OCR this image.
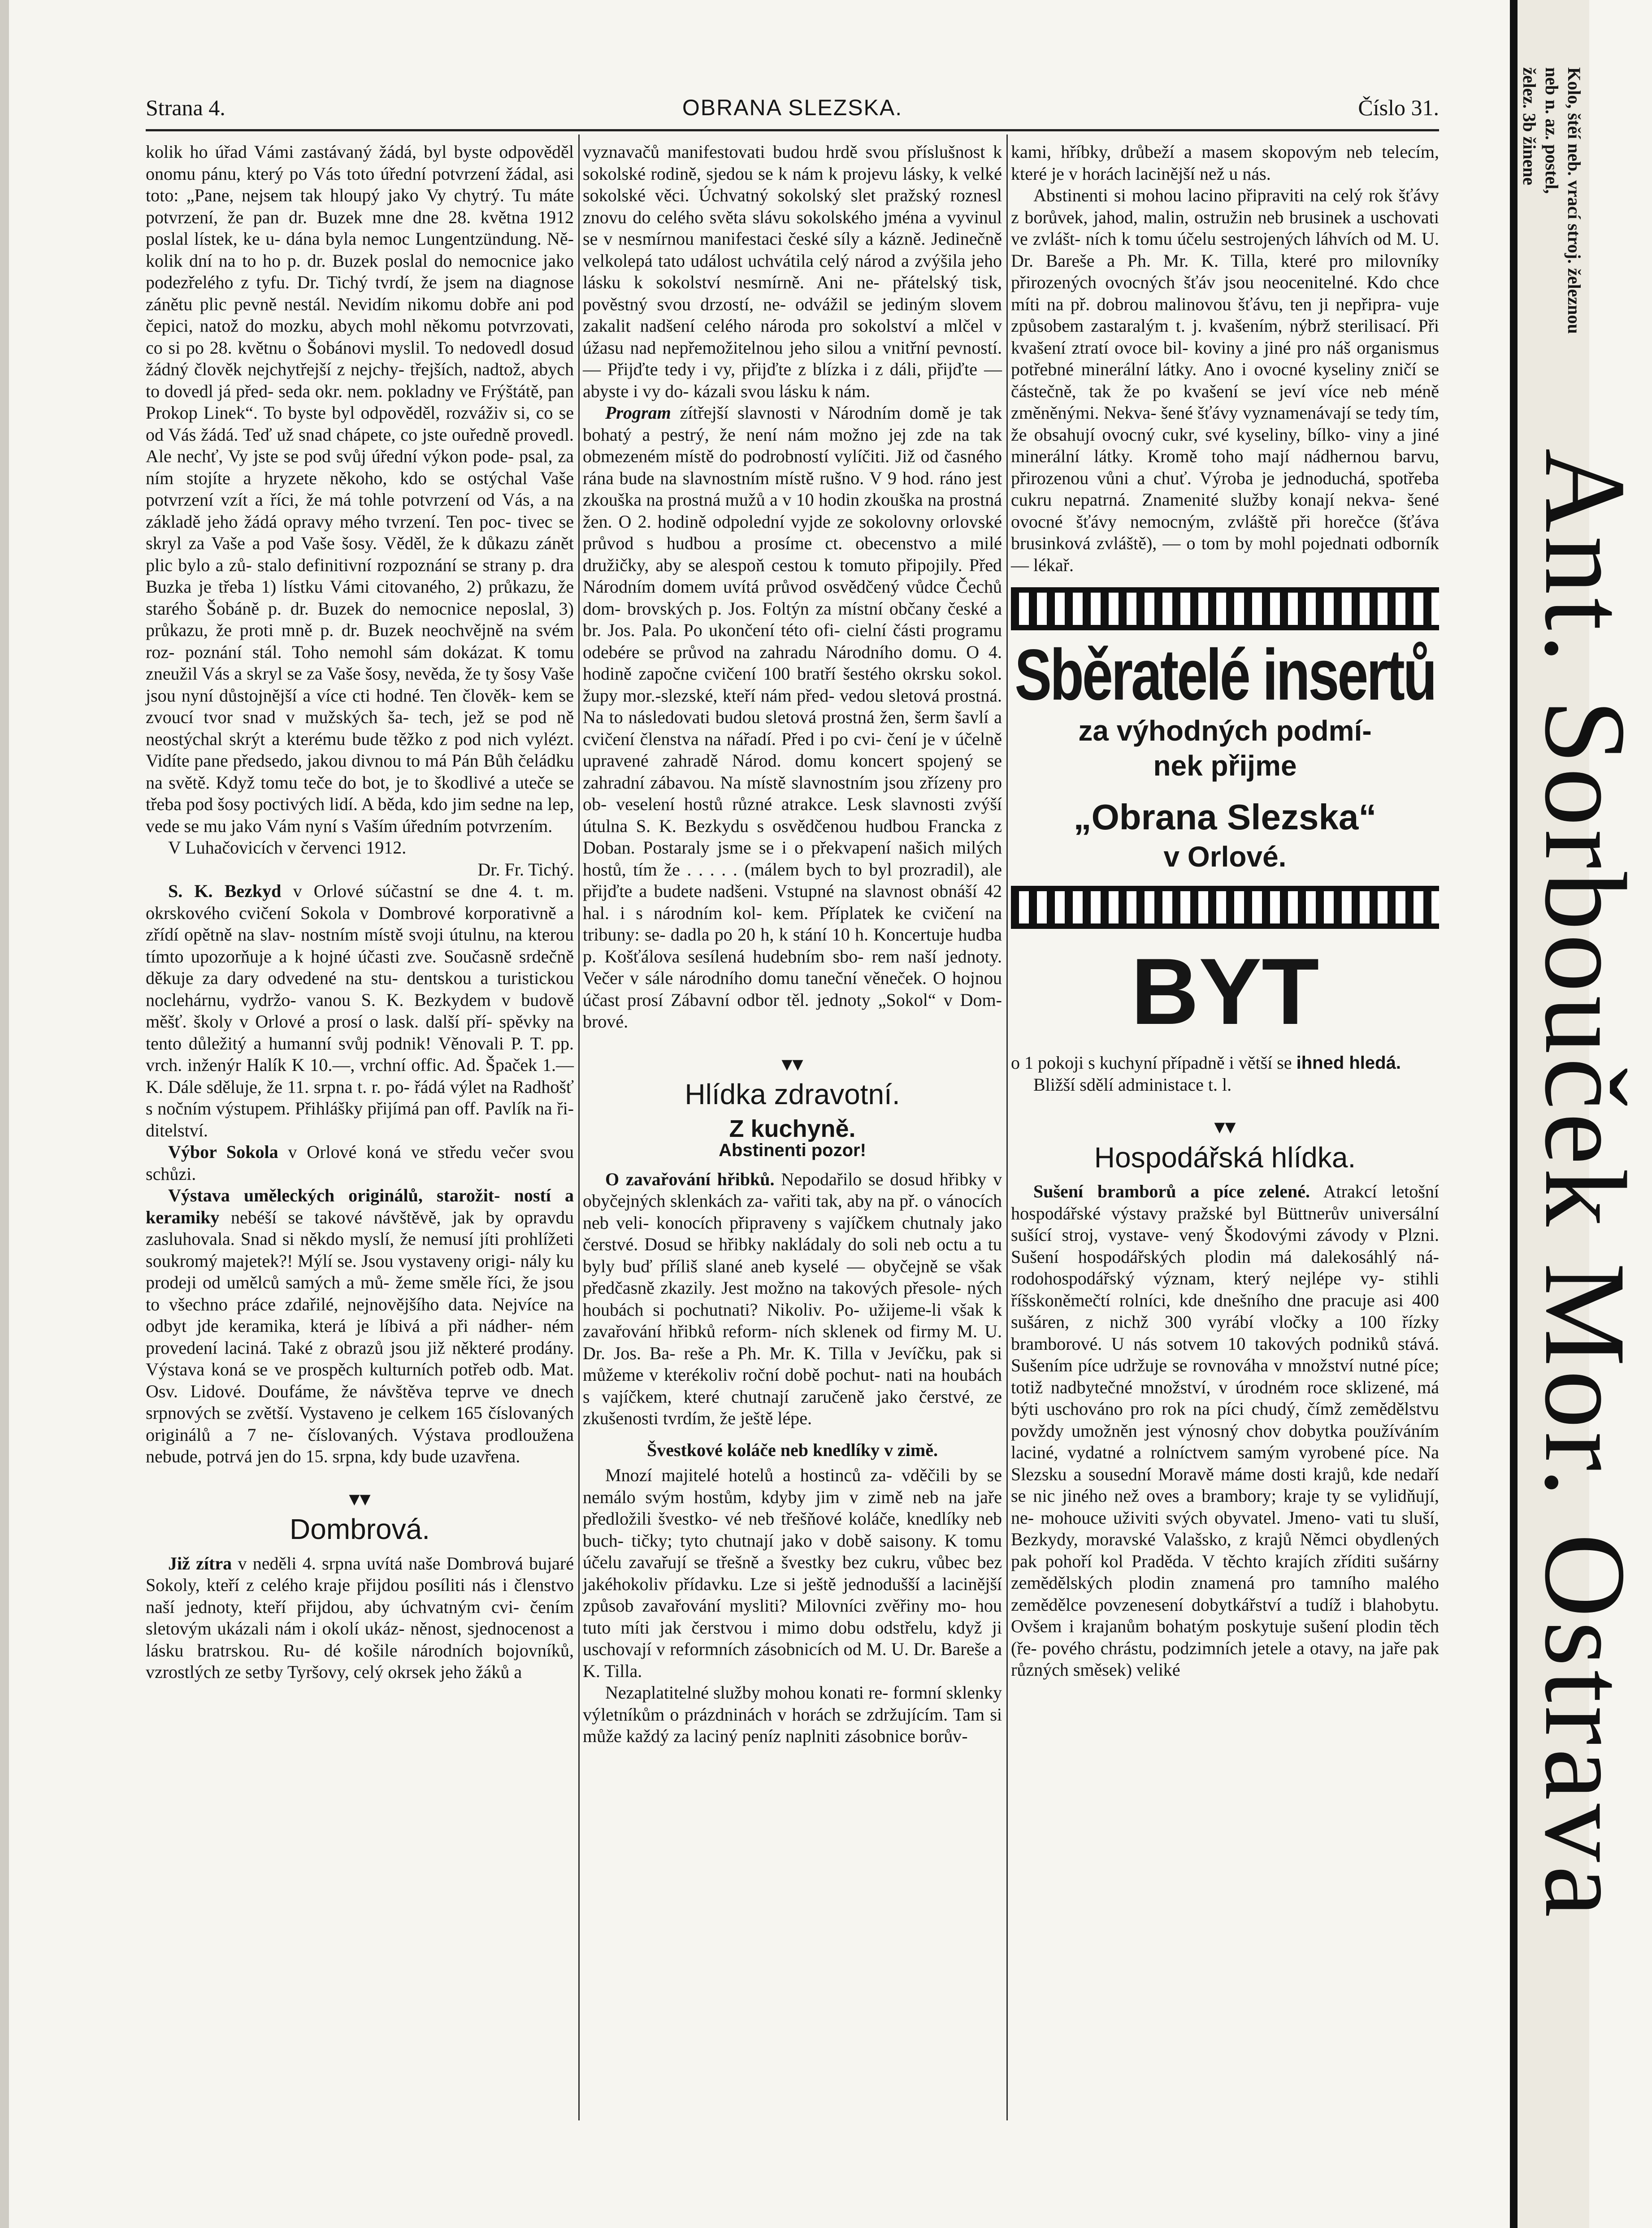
Strana 4.	OBRANA SLEZSKA.	Číslo 31.

kolik ho úřad Vámi zastávaný žádá, byl byste odpověděl onomu pánu, který po Vás toto úřední potvrzení žádal, asi toto: „Pane, nejsem tak hloupý jako Vy chytrý. Tu máte potvrzení, že pan dr. Buzek mne dne 28. května 1912 poslal lístek, ke u- dána byla nemoc Lungentzündung. Ně- kolik dní na to ho p. dr. Buzek poslal do nemocnice jako podezřelého z tyfu. Dr. Tichý tvrdí, že jsem na diagnose zánětu plic pevně nestál. Nevidím nikomu dobře ani pod čepici, natož do mozku, abych mohl někomu potvrzovati, co si po 28. květnu o Šobánovi myslil. To nedovedl dosud žádný člověk nejchytřejší z nejchy- třejších, nadtož, abych to dovedl já před- seda okr. nem. pokladny ve Frýštátě, pan Prokop Linek“. To byste byl odpověděl, rozváživ si, co se od Vás žádá. Teď už snad chápete, co jste ouředně provedl. Ale nechť, Vy jste se pod svůj úřední výkon pode- psal, za ním stojíte a hryzete někoho, kdo se ostýchal Vaše potvrzení vzít a říci, že má tohle potvrzení od Vás, a na základě jeho žádá opravy mého tvrzení. Ten poc- tivec se skryl za Vaše a pod Vaše šosy. Věděl, že k důkazu zánět plic bylo a zů- stalo definitivní rozpoznání se strany p. dra Buzka je třeba 1) lístku Vámi citovaného, 2) průkazu, že starého Šobáně p. dr. Buzek do nemocnice neposlal, 3) průkazu, že proti mně p. dr. Buzek neochvějně na svém roz- poznání stál. Toho nemohl sám dokázat. K tomu zneužil Vás a skryl se za Vaše šosy, nevěda, že ty šosy Vaše jsou nyní důstojnější a více cti hodné. Ten člověk- kem se zvoucí tvor snad v mužských ša- tech, jež se pod ně neostýchal skrýt a kterému bude těžko z pod nich vylézt. Vidíte pane předsedo, jakou divnou to má Pán Bůh čeládku na světě. Když tomu teče do bot, je to škodlivé a uteče se třeba pod šosy poctivých lidí. A běda, kdo jim sedne na lep, vede se mu jako Vám nyní s Vaším úředním potvrzením.

V Luhačovicích v červenci 1912.

Dr. Fr. Tichý.

S. K. Bezkyd v Orlové súčastní se dne 4. t. m. okrskového cvičení Sokola v Dombrové korporativně a zřídí opětně na slav- nostním místě svoji útulnu, na kterou tímto upozorňuje a k hojné účasti zve. Současně srdečně děkuje za dary odvedené na stu- dentskou a turistickou noclehárnu, vydržo- vanou S. K. Bezkydem v budově měšť. školy v Orlové a prosí o lask. další pří- spěvky na tento důležitý a humanní svůj podnik! Věnovali P. T. pp. vrch. inženýr Halík K 10.—, vrchní offic. Ad. Špaček 1.— K. Dále sděluje, že 11. srpna t. r. po- řádá výlet na Radhošť s nočním výstupem. Přihlášky přijímá pan off. Pavlík na ři- ditelství.

Výbor Sokola v Orlové koná ve středu večer svou schůzi.

Výstava uměleckých originálů, starožit- ností a keramiky nebéší se takové návštěvě, jak by opravdu zasluhovala. Snad si někdo myslí, že nemusí jíti prohlížeti soukromý majetek?! Mýlí se. Jsou vystaveny origi- nály ku prodeji od umělců samých a mů- žeme směle říci, že jsou to všechno práce zdařilé, nejnovějšího data. Nejvíce na odbyt jde keramika, která je líbivá a při nádher- ném provedení laciná. Také z obrazů jsou již některé prodány. Výstava koná se ve prospěch kulturních potřeb odb. Mat. Osv. Lidové. Doufáme, že návštěva teprve ve dnech srpnových se zvětší. Vystaveno je celkem 165 číslovaných originálů a 7 ne- číslovaných. Výstava prodloužena nebude, potrvá jen do 15. srpna, kdy bude uzavřena.

▾▾
Dombrová.

Již zítra v neděli 4. srpna uvítá naše Dombrová bujaré Sokoly, kteří z celého kraje přijdou posíliti nás i členstvo naší jednoty, kteří přijdou, aby úchvatným cvi- čením sletovým ukázali nám i okolí ukáz- něnost, sjednocenost a lásku bratrskou. Ru- dé košile národních bojovníků, vzrostlých ze setby Tyršovy, celý okrsek jeho žáků a

vyznavačů manifestovati budou hrdě svou příslušnost k sokolské rodině, sjedou se k nám k projevu lásky, k velké sokolské věci. Úchvatný sokolský slet pražský roznesl znovu do celého světa slávu sokolského jména a vyvinul se v nesmírnou manifestaci české síly a kázně. Jedinečně velkolepá tato událost uchvátila celý národ a zvýšila jeho lásku k sokolství nesmírně. Ani ne- přátelský tisk, pověstný svou drzostí, ne- odvážil se jediným slovem zakalit nadšení celého národa pro sokolství a mlčel v úžasu nad nepřemožitelnou jeho silou a vnitřní pevností. — Přijďte tedy i vy, přijďte z blízka i z dáli, přijďte — abyste i vy do- kázali svou lásku k nám.

Program zítřejší slavnosti v Národním domě je tak bohatý a pestrý, že není nám možno jej zde na tak obmezeném místě do podrobností vylíčiti. Již od časného rána bude na slavnostním místě rušno. V 9 hod. ráno jest zkouška na prostná mužů a v 10 hodin zkouška na prostná žen. O 2. hodině odpolední vyjde ze sokolovny orlovské průvod s hudbou a prosíme ct. obecenstvo a milé družičky, aby se alespoň cestou k tomuto připojily. Před Národním domem uvítá průvod osvědčený vůdce Čechů dom- brovských p. Jos. Foltýn za místní občany české a br. Jos. Pala. Po ukončení této ofi- cielní části programu odebére se průvod na zahradu Národního domu. O 4. hodině započne cvičení 100 bratří šestého okrsku sokol. župy mor.-slezské, kteří nám před- vedou sletová prostná. Na to následovati budou sletová prostná žen, šerm šavlí a cvičení členstva na nářadí. Před i po cvi- čení je v účelně upravené zahradě Národ. domu koncert spojený se zahradní zábavou. Na místě slavnostním jsou zřízeny pro ob- veselení hostů různé atrakce. Lesk slavnosti zvýší útulna S. K. Bezkydu s osvědčenou hudbou Francka z Doban. Postaraly jsme se i o překvapení našich milých hostů, tím že . . . . . (málem bych to byl prozradil), ale přijďte a budete nadšeni. Vstupné na slavnost obnáší 42 hal. i s národním kol- kem. Příplatek ke cvičení na tribuny: se- dadla po 20 h, k stání 10 h. Koncertuje hudba p. Košťálova sesílená hudebním sbo- rem naší jednoty. Večer v sále národního domu taneční věneček. O hojnou účast prosí Zábavní odbor těl. jednoty „Sokol“ v Dom- brové.

▾▾
Hlídka zdravotní.
Z kuchyně.
Abstinenti pozor!

O zavařování hřibků. Nepodařilo se dosud hřibky v obyčejných sklenkách za- vařiti tak, aby na př. o vánocích neb veli- konocích připraveny s vajíčkem chutnaly jako čerstvé. Dosud se hřibky nakládaly do soli neb octu a tu byly buď příliš slané aneb kyselé — obyčejně se však předčasně zkazily. Jest možno na takových přesole- ných houbách si pochutnati? Nikoliv. Po- užijeme-li však k zavařování hřibků reform- ních sklenek od firmy M. U. Dr. Jos. Ba- reše a Ph. Mr. K. Tilla v Jevíčku, pak si můžeme v kterékoliv roční době pochut- nati na houbách s vajíčkem, které chutnají zaručeně jako čerstvé, ze zkušenosti tvrdím, že ještě lépe.

Švestkové koláče neb knedlíky v zimě.

Mnozí majitelé hotelů a hostinců za- vděčili by se nemálo svým hostům, kdyby jim v zimě neb na jaře předložili švestko- vé neb třešňové koláče, knedlíky neb buch- tičky; tyto chutnají jako v době saisony. K tomu účelu zavařují se třešně a švestky bez cukru, vůbec bez jakéhokoliv přídavku. Lze si ještě jednodušší a lacinější způsob zavařování mysliti? Milovníci zvěřiny mo- hou tuto míti jak čerstvou i mimo dobu odstřelu, když ji uschovají v reformních zásobnicích od M. U. Dr. Bareše a K. Tilla.

Nezaplatitelné služby mohou konati re- formní sklenky výletníkům o prázdninách v horách se zdržujícím. Tam si může každý za laciný peníz naplniti zásobnice borův-

kami, hříbky, drůbeží a masem skopovým neb telecím, které je v horách lacinější než u nás.

Abstinenti si mohou lacino připraviti na celý rok šťávy z borůvek, jahod, malin, ostružin neb brusinek a uschovati ve zvlášt- ních k tomu účelu sestrojených láhvích od M. U. Dr. Bareše a Ph. Mr. K. Tilla, které pro milovníky přirozených ovocných šťáv jsou neocenitelné. Kdo chce míti na př. dobrou malinovou šťávu, ten ji nepřipra- vuje způsobem zastaralým t. j. kvašením, nýbrž sterilisací. Při kvašení ztratí ovoce bil- koviny a jiné pro náš organismus potřebné minerální látky. Ano i ovocné kyseliny zničí se částečně, tak že po kvašení se jeví více neb méně změněnými. Nekva- šené šťávy vyznamenávají se tedy tím, že obsahují ovocný cukr, své kyseliny, bílko- viny a jiné minerální látky. Kromě toho mají nádhernou barvu, přirozenou vůni a chuť. Výroba je jednoduchá, spotřeba cukru nepatrná. Znamenité služby konají nekva- šené ovocné šťávy nemocným, zvláště při horečce (šťáva brusinková zvláště), — o tom by mohl pojednati odborník — lékař.

Sběratelé insertů
za výhodných podmí-
nek přijme
„Obrana Slezska“
v Orlové.
BYT

o 1 pokoji s kuchyní případně i větší se ihned hledá.

Bližší sdělí administace t. l.

▾▾
Hospodářská hlídka.

Sušení bramborů a píce zelené. Atrakcí letošní hospodářské výstavy pražské byl Büttnerův universální sušící stroj, vystave- vený Škodovými závody v Plzni. Sušení hospodářských plodin má dalekosáhlý ná- rodohospodářský význam, který nejlépe vy- stihli říšskoněmečtí rolníci, kde dnešního dne pracuje asi 400 sušáren, z nichž 300 vyrábí vločky a 100 řízky bramborové. U nás sotvem 10 takových podniků stává. Sušením píce udržuje se rovnováha v množství nutné píce; totiž nadbytečné množství, v úrodném roce sklizené, má býti uschováno pro rok na píci chudý, čímž zemědělstvu povždy umožněn jest výnosný chov dobytka používáním laciné, vydatné a rolníctvem samým vyrobené píce. Na Slezsku a sousední Moravě máme dosti krajů, kde nedaří se nic jiného než oves a brambory; kraje ty se vylidňují, ne- mohouce uživiti svých obyvatel. Jmeno- vati tu sluší, Bezkydy, moravské Valašsko, z krajů Němci obydlených pak pohoří kol Praděda. V těchto krajích zříditi sušárny zemědělských plodin znamená pro tamního malého zemědělce povzenesení dobytkářství a tudíž i blahobytu. Ovšem i krajanům bohatým poskytuje sušení plodin těch (ře- pového chrástu, podzimních jetele a otavy, na jaře pak různých směsek) veliké

Kolo, štěí neb. vrací stroj. železnou
neb n. az. postel,
želez. 3b žinene
Ant. Sorbouček Mor. Ostrava
